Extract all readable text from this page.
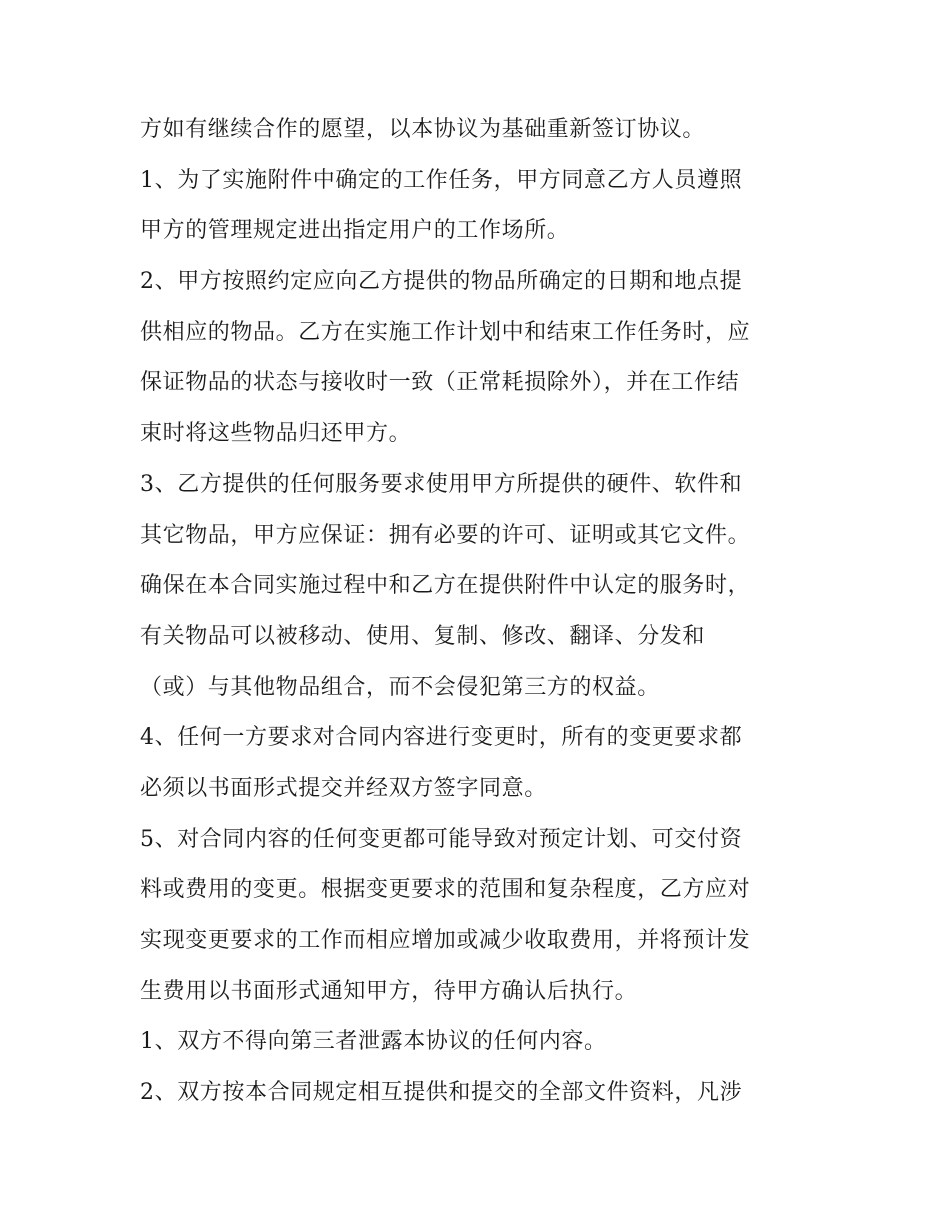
方如有继续合作的愿望，以本协议为基础重新签订协议。
1、为了实施附件中确定的工作任务，甲方同意乙方人员遵照
甲方的管理规定进出指定用户的工作场所。
2、甲方按照约定应向乙方提供的物品所确定的日期和地点提
供相应的物品。乙方在实施工作计划中和结束工作任务时，应
保证物品的状态与接收时一致（正常耗损除外），并在工作结
束时将这些物品归还甲方。
3、乙方提供的任何服务要求使用甲方所提供的硬件、软件和
其它物品，甲方应保证：拥有必要的许可、证明或其它文件。
确保在本合同实施过程中和乙方在提供附件中认定的服务时，
有关物品可以被移动、使用、复制、修改、翻译、分发和
（或）与其他物品组合，而不会侵犯第三方的权益。
4、任何一方要求对合同内容进行变更时，所有的变更要求都
必须以书面形式提交并经双方签字同意。
5、对合同内容的任何变更都可能导致对预定计划、可交付资
料或费用的变更。根据变更要求的范围和复杂程度，乙方应对
实现变更要求的工作而相应增加或减少收取费用，并将预计发
生费用以书面形式通知甲方，待甲方确认后执行。
1、双方不得向第三者泄露本协议的任何内容。
2、双方按本合同规定相互提供和提交的全部文件资料，凡涉
